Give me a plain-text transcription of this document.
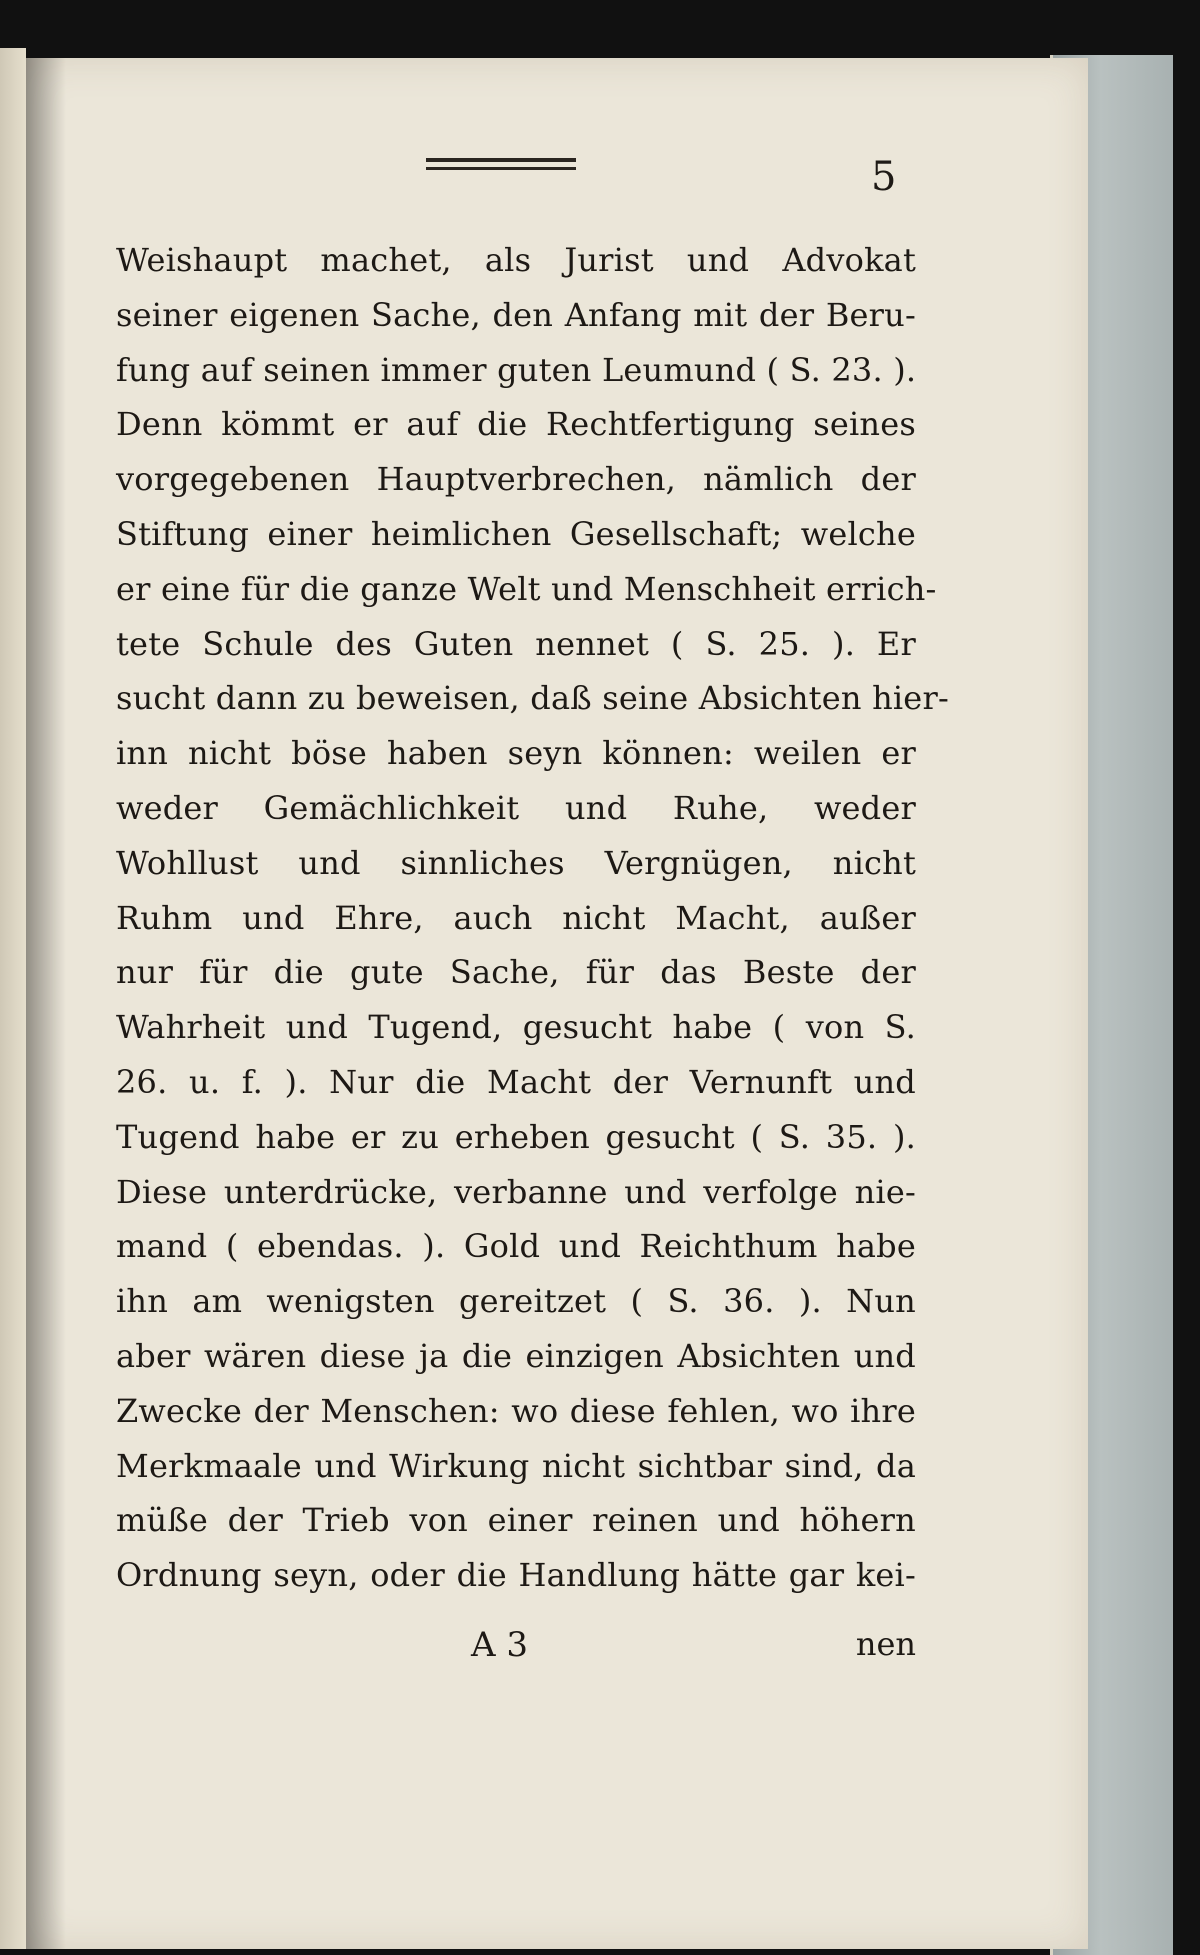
5
Weishaupt machet, als Jurist und Advokat
seiner eigenen Sache, den Anfang mit der Beru-
fung auf seinen immer guten Leumund ( S. 23. ).
Denn kömmt er auf die Rechtfertigung seines
vorgegebenen Hauptverbrechen, nämlich der
Stiftung einer heimlichen Gesellschaft; welche
er eine für die ganze Welt und Menschheit errich-
tete Schule des Guten nennet ( S. 25. ). Er
sucht dann zu beweisen, daß seine Absichten hier-
inn nicht böse haben seyn können: weilen er
weder Gemächlichkeit und Ruhe, weder
Wohllust und sinnliches Vergnügen, nicht
Ruhm und Ehre, auch nicht Macht, außer
nur für die gute Sache, für das Beste der
Wahrheit und Tugend, gesucht habe ( von S.
26. u. f. ). Nur die Macht der Vernunft und
Tugend habe er zu erheben gesucht ( S. 35. ).
Diese unterdrücke, verbanne und verfolge nie-
mand ( ebendas. ). Gold und Reichthum habe
ihn am wenigsten gereitzet ( S. 36. ). Nun
aber wären diese ja die einzigen Absichten und
Zwecke der Menschen: wo diese fehlen, wo ihre
Merkmaale und Wirkung nicht sichtbar sind, da
müße der Trieb von einer reinen und höhern
Ordnung seyn, oder die Handlung hätte gar kei-
A 3	nen
